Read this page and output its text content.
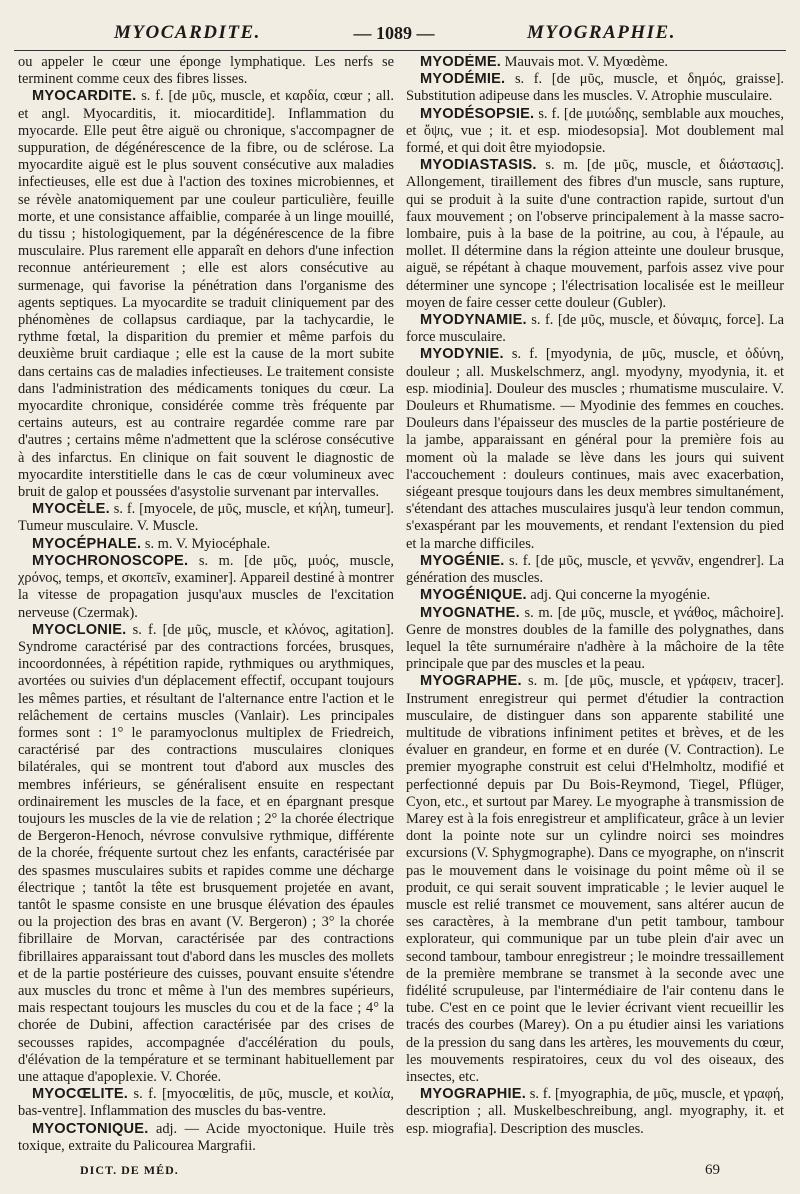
MYOCARDITE.	— 1089 —	MYOGRAPHIE.

ou appeler le cœur une éponge lymphatique. Les nerfs se terminent comme ceux des fibres lisses.

MYOCARDITE. s. f. [de μῦς, muscle, et καρδία, cœur ; all. et angl. Myocarditis, it. miocarditide]. Inflammation du myocarde. Elle peut être aiguë ou chronique, s'accompagner de suppuration, de dégénérescence de la fibre, ou de sclérose. La myocardite aiguë est le plus souvent consécutive aux maladies infectieuses, elle est due à l'action des toxines microbiennes, et se révèle anatomiquement par une couleur particulière, feuille morte, et une consistance affaiblie, comparée à un linge mouillé, du tissu ; histologiquement, par la dégénérescence de la fibre musculaire. Plus rarement elle apparaît en dehors d'une infection reconnue antérieurement ; elle est alors consécutive au surmenage, qui favorise la pénétration dans l'organisme des agents septiques. La myocardite se traduit cliniquement par des phénomènes de collapsus cardiaque, par la tachycardie, le rythme fœtal, la disparition du premier et même parfois du deuxième bruit cardiaque ; elle est la cause de la mort subite dans certains cas de maladies infectieuses. Le traitement consiste dans l'administration des médicaments toniques du cœur. La myocardite chronique, considérée comme très fréquente par certains auteurs, est au contraire regardée comme rare par d'autres ; certains même n'admettent que la sclérose consécutive à des infarctus. En clinique on fait souvent le diagnostic de myocardite interstitielle dans le cas de cœur volumineux avec bruit de galop et poussées d'asystolie survenant par intervalles.

MYOCÈLE. s. f. [myocele, de μῦς, muscle, et κήλη, tumeur]. Tumeur musculaire. V. Muscle.

MYOCÉPHALE. s. m. V. Myiocéphale.

MYOCHRONOSCOPE. s. m. [de μῦς, μυός, muscle, χρόνος, temps, et σκοπεῖν, examiner]. Appareil destiné à montrer la vitesse de propagation jusqu'aux muscles de l'excitation nerveuse (Czermak).

MYOCLONIE. s. f. [de μῦς, muscle, et κλόνος, agitation]. Syndrome caractérisé par des contractions forcées, brusques, incoordonnées, à répétition rapide, rythmiques ou arythmiques, avortées ou suivies d'un déplacement effectif, occupant toujours les mêmes parties, et résultant de l'alternance entre l'action et le relâchement de certains muscles (Vanlair). Les principales formes sont : 1° le paramyoclonus multiplex de Friedreich, caractérisé par des contractions musculaires cloniques bilatérales, qui se montrent tout d'abord aux muscles des membres inférieurs, se généralisent ensuite en respectant ordinairement les muscles de la face, et en épargnant presque toujours les muscles de la vie de relation ; 2° la chorée électrique de Bergeron-Henoch, névrose convulsive rythmique, différente de la chorée, fréquente surtout chez les enfants, caractérisée par des spasmes musculaires subits et rapides comme une décharge électrique ; tantôt la tête est brusquement projetée en avant, tantôt le spasme consiste en une brusque élévation des épaules ou la projection des bras en avant (V. Bergeron) ; 3° la chorée fibrillaire de Morvan, caractérisée par des contractions fibrillaires apparaissant tout d'abord dans les muscles des mollets et de la partie postérieure des cuisses, pouvant ensuite s'étendre aux muscles du tronc et même à l'un des membres supérieurs, mais respectant toujours les muscles du cou et de la face ; 4° la chorée de Dubini, affection caractérisée par des crises de secousses rapides, accompagnée d'accélération du pouls, d'élévation de la température et se terminant habituellement par une attaque d'apoplexie. V. Chorée.

MYOCŒLITE. s. f. [myocœlitis, de μῦς, muscle, et κοιλία, bas-ventre]. Inflammation des muscles du bas-ventre.

MYOCTONIQUE. adj. — Acide myoctonique. Huile très toxique, extraite du Palicourea Margrafii.

MYODÈME. Mauvais mot. V. Myœdème.

MYODÉMIE. s. f. [de μῦς, muscle, et δημός, graisse]. Substitution adipeuse dans les muscles. V. Atrophie musculaire.

MYODÉSOPSIE. s. f. [de μυιώδης, semblable aux mouches, et ὄψις, vue ; it. et esp. miodesopsia]. Mot doublement mal formé, et qui doit être myiodopsie.

MYODIASTASIS. s. m. [de μῦς, muscle, et διάστασις]. Allongement, tiraillement des fibres d'un muscle, sans rupture, qui se produit à la suite d'une contraction rapide, surtout d'un faux mouvement ; on l'observe principalement à la masse sacro-lombaire, puis à la base de la poitrine, au cou, à l'épaule, au mollet. Il détermine dans la région atteinte une douleur brusque, aiguë, se répétant à chaque mouvement, parfois assez vive pour déterminer une syncope ; l'électrisation localisée est le meilleur moyen de faire cesser cette douleur (Gubler).

MYODYNAMIE. s. f. [de μῦς, muscle, et δύναμις, force]. La force musculaire.

MYODYNIE. s. f. [myodynia, de μῦς, muscle, et ὀδύνη, douleur ; all. Muskelschmerz, angl. myodyny, myodynia, it. et esp. miodinia]. Douleur des muscles ; rhumatisme musculaire. V. Douleurs et Rhumatisme. — Myodinie des femmes en couches. Douleurs dans l'épaisseur des muscles de la partie postérieure de la jambe, apparaissant en général pour la première fois au moment où la malade se lève dans les jours qui suivent l'accouchement : douleurs continues, mais avec exacerbation, siégeant presque toujours dans les deux membres simultanément, s'étendant des attaches musculaires jusqu'à leur tendon commun, s'exaspérant par les mouvements, et rendant l'extension du pied et la marche difficiles.

MYOGÉNIE. s. f. [de μῦς, muscle, et γεννᾶν, engendrer]. La génération des muscles.

MYOGÉNIQUE. adj. Qui concerne la myogénie.

MYOGNATHE. s. m. [de μῦς, muscle, et γνάθος, mâchoire]. Genre de monstres doubles de la famille des polygnathes, dans lequel la tête surnuméraire n'adhère à la mâchoire de la tête principale que par des muscles et la peau.

MYOGRAPHE. s. m. [de μῦς, muscle, et γράφειν, tracer]. Instrument enregistreur qui permet d'étudier la contraction musculaire, de distinguer dans son apparente stabilité une multitude de vibrations infiniment petites et brèves, et de les évaluer en grandeur, en forme et en durée (V. Contraction). Le premier myographe construit est celui d'Helmholtz, modifié et perfectionné depuis par Du Bois-Reymond, Tiegel, Pflüger, Cyon, etc., et surtout par Marey. Le myographe à transmission de Marey est à la fois enregistreur et amplificateur, grâce à un levier dont la pointe note sur un cylindre noirci ses moindres excursions (V. Sphygmographe). Dans ce myographe, on n'inscrit pas le mouvement dans le voisinage du point même où il se produit, ce qui serait souvent impraticable ; le levier auquel le muscle est relié transmet ce mouvement, sans altérer aucun de ses caractères, à la membrane d'un petit tambour, tambour explorateur, qui communique par un tube plein d'air avec un second tambour, tambour enregistreur ; le moindre tressaillement de la première membrane se transmet à la seconde avec une fidélité scrupuleuse, par l'intermédiaire de l'air contenu dans le tube. C'est en ce point que le levier écrivant vient recueillir les tracés des courbes (Marey). On a pu étudier ainsi les variations de la pression du sang dans les artères, les mouvements du cœur, les mouvements respiratoires, ceux du vol des oiseaux, des insectes, etc.

MYOGRAPHIE. s. f. [myographia, de μῦς, muscle, et γραφή, description ; all. Muskelbeschreibung, angl. myography, it. et esp. miografia]. Description des muscles.

DICT. DE MÉD.	69
